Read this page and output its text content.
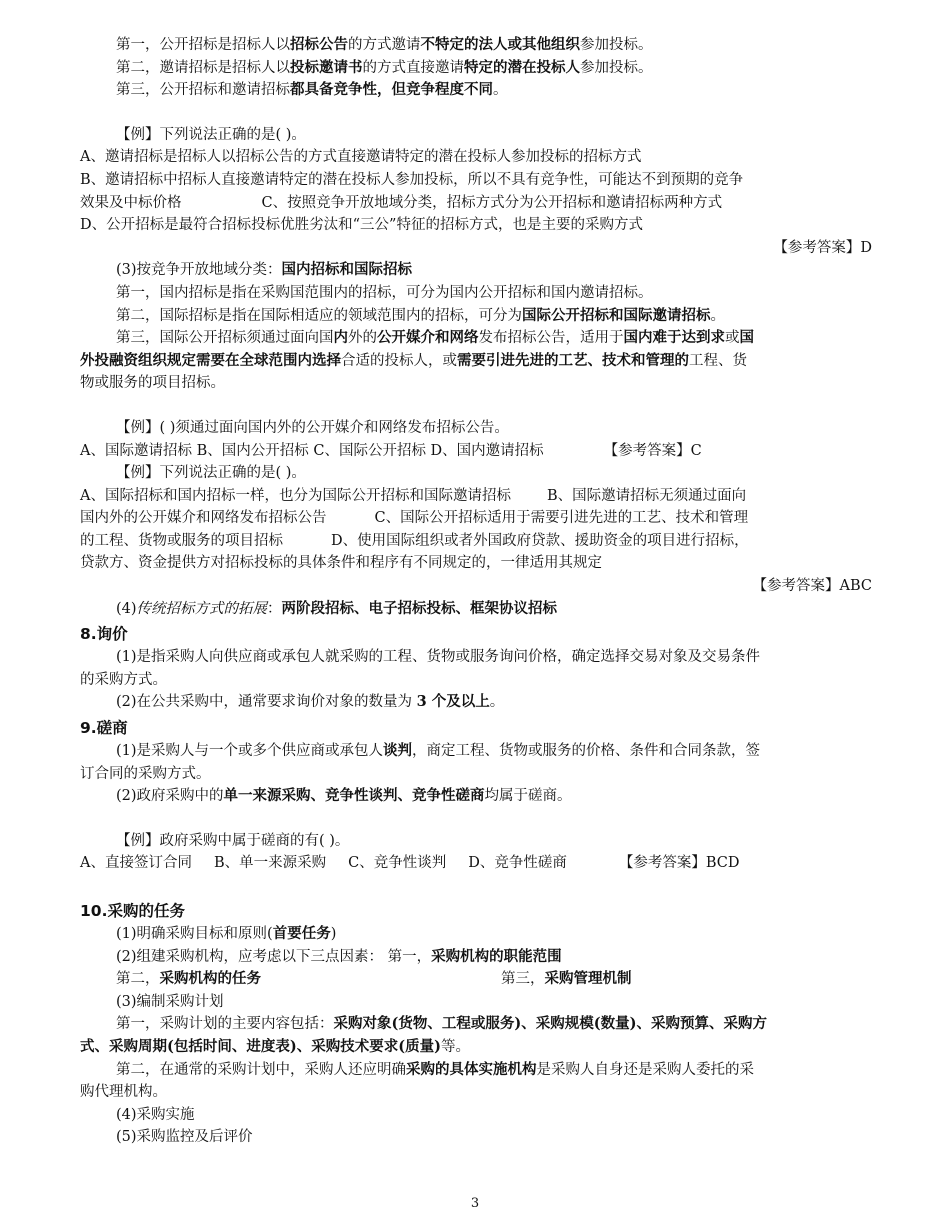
第一，公开招标是招标人以招标公告的方式邀请不特定的法人或其他组织参加投标。

第二，邀请招标是招标人以投标邀请书的方式直接邀请特定的潜在投标人参加投标。

第三，公开招标和邀请招标都具备竞争性，但竞争程度不同。

【例】下列说法正确的是( )。

A、邀请招标是招标人以招标公告的方式直接邀请特定的潜在投标人参加投标的招标方式

B、邀请招标中招标人直接邀请特定的潜在投标人参加投标，所以不具有竞争性，可能达不到预期的竞争

效果及中标价格	C、按照竞争开放地域分类，招标方式分为公开招标和邀请招标两种方式

D、公开招标是最符合招标投标优胜劣汰和“三公”特征的招标方式，也是主要的采购方式

【参考答案】D

(3)按竞争开放地域分类：国内招标和国际招标

第一，国内招标是指在采购国范围内的招标，可分为国内公开招标和国内邀请招标。

第二，国际招标是指在国际相适应的领域范围内的招标，可分为国际公开招标和国际邀请招标。

第三，国际公开招标须通过面向国内外的公开媒介和网络发布招标公告，适用于国内难于达到求或国

外投融资组织规定需要在全球范围内选择合适的投标人，或需要引进先进的工艺、技术和管理的工程、货

物或服务的项目招标。

【例】( )须通过面向国内外的公开媒介和网络发布招标公告。

A、国际邀请招标 B、国内公开招标 C、国际公开招标 D、国内邀请招标	【参考答案】C

【例】下列说法正确的是( )。

A、国际招标和国内招标一样，也分为国际公开招标和国际邀请招标 B、国际邀请招标无须通过面向

国内外的公开媒介和网络发布招标公告	C、国际公开招标适用于需要引进先进的工艺、技术和管理

的工程、货物或服务的项目招标	D、使用国际组织或者外国政府贷款、援助资金的项目进行招标，

贷款方、资金提供方对招标投标的具体条件和程序有不同规定的，一律适用其规定

【参考答案】ABC

(4)传统招标方式的拓展：两阶段招标、电子招标投标、框架协议招标

8.询价

(1)是指采购人向供应商或承包人就采购的工程、货物或服务询问价格，确定选择交易对象及交易条件

的采购方式。

(2)在公共采购中，通常要求询价对象的数量为 3 个及以上。

9.磋商

(1)是采购人与一个或多个供应商或承包人谈判，商定工程、货物或服务的价格、条件和合同条款，签

订合同的采购方式。

(2)政府采购中的单一来源采购、竞争性谈判、竞争性磋商均属于磋商。

【例】政府采购中属于磋商的有( )。

A、直接签订合同 B、单一来源采购 C、竞争性谈判 D、竞争性磋商	【参考答案】BCD

10.采购的任务

(1)明确采购目标和原则(首要任务)

(2)组建采购机构，应考虑以下三点因素： 第一，采购机构的职能范围

第二，采购机构的任务	第三，采购管理机制

(3)编制采购计划

第一，采购计划的主要内容包括：采购对象(货物、工程或服务)、采购规模(数量)、采购预算、采购方

式、采购周期(包括时间、进度表)、采购技术要求(质量)等。

第二，在通常的采购计划中，采购人还应明确采购的具体实施机构是采购人自身还是采购人委托的采

购代理机构。

(4)采购实施

(5)采购监控及后评价

3
